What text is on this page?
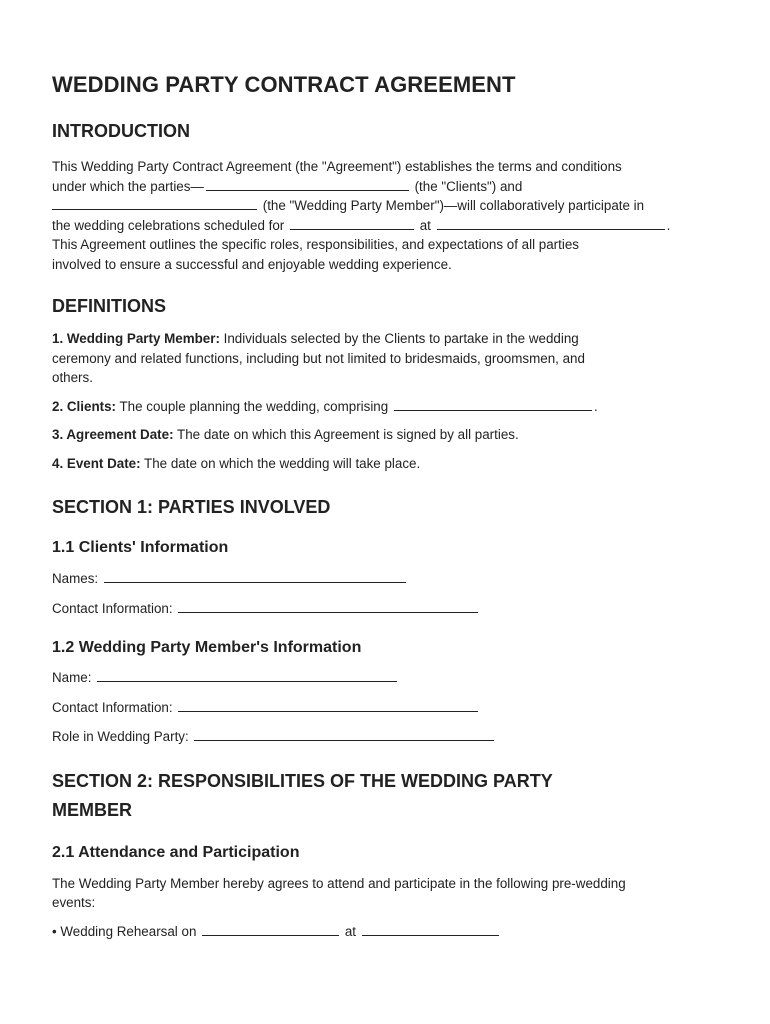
WEDDING PARTY CONTRACT AGREEMENT
INTRODUCTION

This Wedding Party Contract Agreement (the "Agreement") establishes the terms and conditions

under which the parties—	(the "Clients") and

(the "Wedding Party Member")—will collaboratively participate in

the wedding celebrations scheduled for	at	.

This Agreement outlines the specific roles, responsibilities, and expectations of all parties

involved to ensure a successful and enjoyable wedding experience.

DEFINITIONS

1. Wedding Party Member: Individuals selected by the Clients to partake in the wedding

ceremony and related functions, including but not limited to bridesmaids, groomsmen, and

others.

2. Clients: The couple planning the wedding, comprising	.

3. Agreement Date: The date on which this Agreement is signed by all parties.

4. Event Date: The date on which the wedding will take place.

SECTION 1: PARTIES INVOLVED
1.1 Clients' Information

Names:

Contact Information:

1.2 Wedding Party Member's Information

Name:

Contact Information:

Role in Wedding Party:

SECTION 2: RESPONSIBILITIES OF THE WEDDING PARTY
MEMBER
2.1 Attendance and Participation

The Wedding Party Member hereby agrees to attend and participate in the following pre-wedding

events:

• Wedding Rehearsal on	at
